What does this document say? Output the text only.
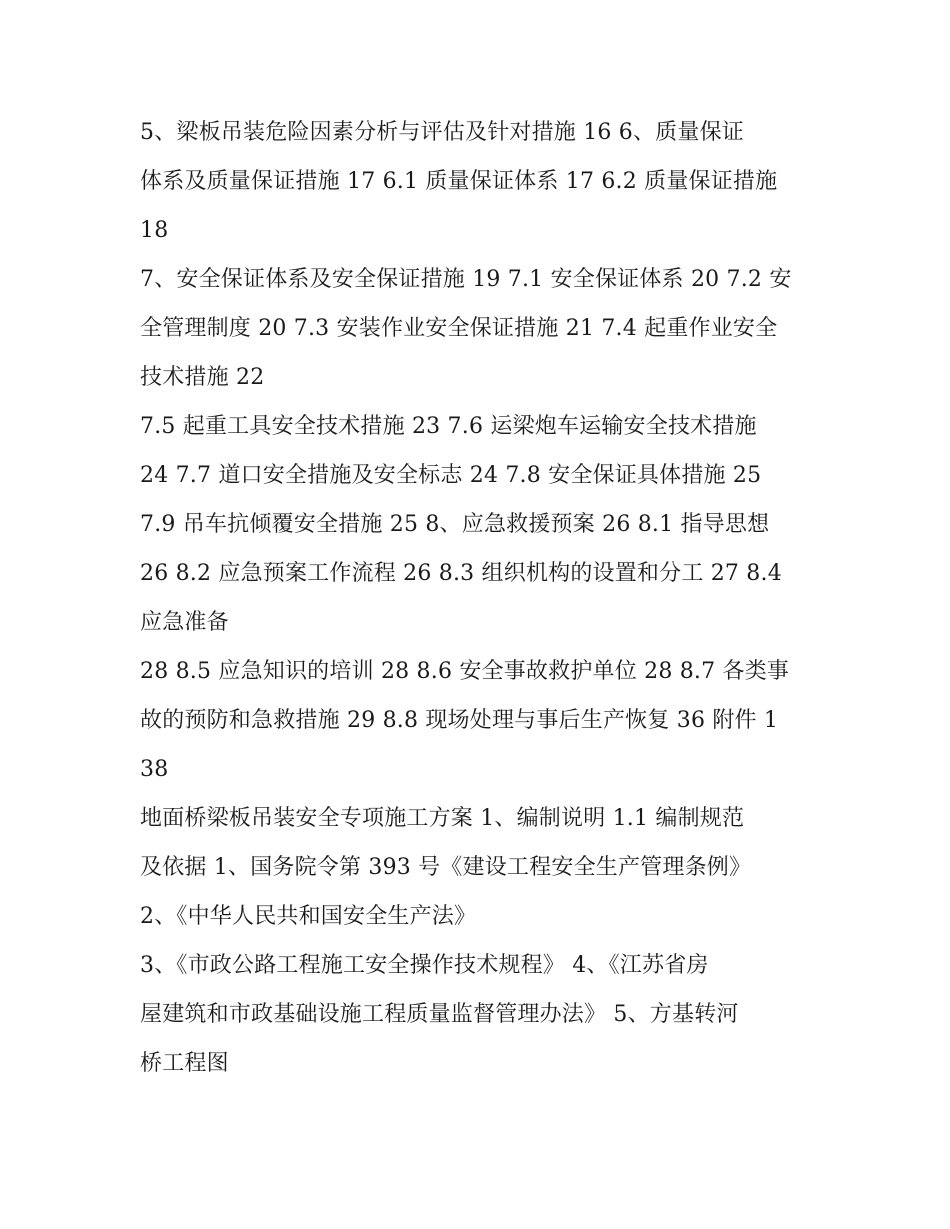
5、梁板吊装危险因素分析与评估及针对措施 16 6、质量保证
体系及质量保证措施 17 6.1 质量保证体系 17 6.2 质量保证措施
18

7、安全保证体系及安全保证措施 19 7.1 安全保证体系 20 7.2 安
全管理制度 20 7.3 安装作业安全保证措施 21 7.4 起重作业安全
技术措施 22

7.5 起重工具安全技术措施 23 7.6 运梁炮车运输安全技术措施
24 7.7 道口安全措施及安全标志 24 7.8 安全保证具体措施 25

7.9 吊车抗倾覆安全措施 25 8、应急救援预案 26 8.1 指导思想
26 8.2 应急预案工作流程 26 8.3 组织机构的设置和分工 27 8.4
应急准备

28 8.5 应急知识的培训 28 8.6 安全事故救护单位 28 8.7 各类事
故的预防和急救措施 29 8.8 现场处理与事后生产恢复 36 附件 1
38

地面桥梁板吊装安全专项施工方案 1、编制说明 1.1 编制规范
及依据 1、国务院令第 393 号《建设工程安全生产管理条例》

2、《中华人民共和国安全生产法》

3、《市政公路工程施工安全操作技术规程》 4、《江苏省房
屋建筑和市政基础设施工程质量监督管理办法》 5、方基转河
桥工程图
